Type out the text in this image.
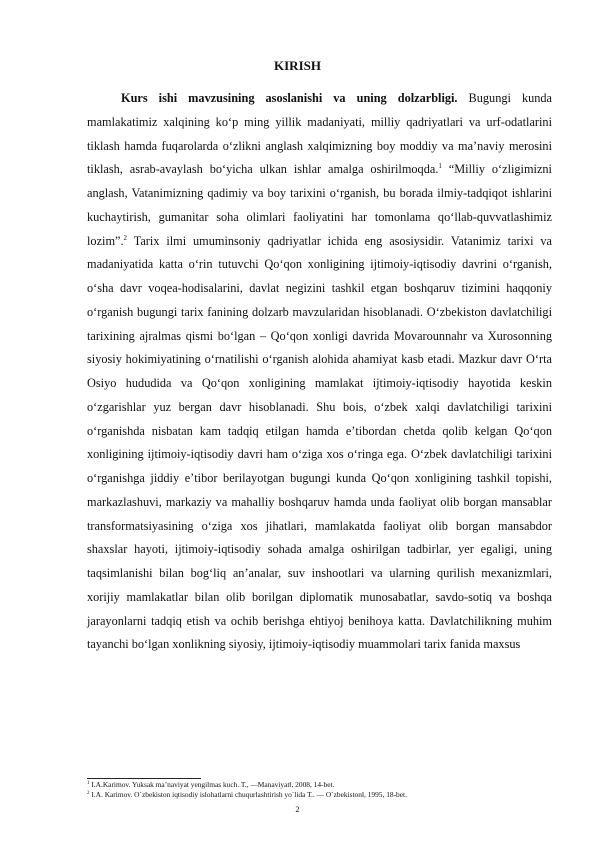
KIRISH

Kurs ishi mavzusining asoslanishi va uning dolzarbligi. Bugungi kunda mamlakatimiz xalqining koʻp ming yillik madaniyati, milliy qadriyatlari va urf-odatlarini tiklash hamda fuqarolarda oʻzlikni anglash xalqimizning boy moddiy va maʼnaviy merosini tiklash, asrab-avaylash boʻyicha ulkan ishlar amalga oshirilmoqda.$^1$ “Milliy oʻzligimizni anglash, Vatanimizning qadimiy va boy tarixini oʻrganish, bu borada ilmiy-tadqiqot ishlarini kuchaytirish, gumanitar soha olimlari faoliyatini har tomonlama qoʻllab-quvvatlashimiz lozim”.$^2$ Tarix ilmi umuminsoniy qadriyatlar ichida eng asosiysidir. Vatanimiz tarixi va madaniyatida katta oʻrin tutuvchi Qoʻqon xonligining ijtimoiy-iqtisodiy davrini oʻrganish, oʻsha davr voqea-hodisalarini, davlat negizini tashkil etgan boshqaruv tizimini haqqoniy oʻrganish bugungi tarix fanining dolzarb mavzularidan hisoblanadi. Oʻzbekiston davlatchiligi tarixining ajralmas qismi boʻlgan – Qoʻqon xonligi davrida Movarounnahr va Xurosonning siyosiy hokimiyatining oʻrnatilishi oʻrganish alohida ahamiyat kasb etadi. Mazkur davr Oʻrta Osiyo hududida va Qoʻqon xonligining mamlakat ijtimoiy-iqtisodiy hayotida keskin oʻzgarishlar yuz bergan davr hisoblanadi. Shu bois, oʻzbek xalqi davlatchiligi tarixini oʻrganishda nisbatan kam tadqiq etilgan hamda eʼtibordan chetda qolib kelgan Qoʻqon xonligining ijtimoiy-iqtisodiy davri ham oʻziga xos oʻringa ega. Oʻzbek davlatchiligi tarixini oʻrganishga jiddiy eʼtibor berilayotgan bugungi kunda Qoʻqon xonligining tashkil topishi, markazlashuvi, markaziy va mahalliy boshqaruv hamda unda faoliyat olib borgan mansablar transformatsiyasining oʻziga xos jihatlari, mamlakatda faoliyat olib borgan mansabdor shaxslar hayoti, ijtimoiy-iqtisodiy sohada amalga oshirilgan tadbirlar, yer egaligi, uning taqsimlanishi bilan bogʻliq anʼanalar, suv inshootlari va ularning qurilish mexanizmlari, xorijiy mamlakatlar bilan olib borilgan diplomatik munosabatlar, savdo-sotiq va boshqa jarayonlarni tadqiq etish va ochib berishga ehtiyoj benihoya katta. Davlatchilikning muhim tayanchi boʻlgan xonlikning siyosiy, ijtimoiy-iqtisodiy muammolari tarix fanida maxsus

$^1$ I.A.Karimov. Yuksak ma’naviyat yengilmas kuch. T., —Manaviyat‖, 2008, 14-bet.
$^2$ I.A. Karimov. O`zbekiston iqtisodiy islohatlarni chuqurlashtirish yo`lida T.. — O`zbekiston‖, 1995, 18-bet.
2
